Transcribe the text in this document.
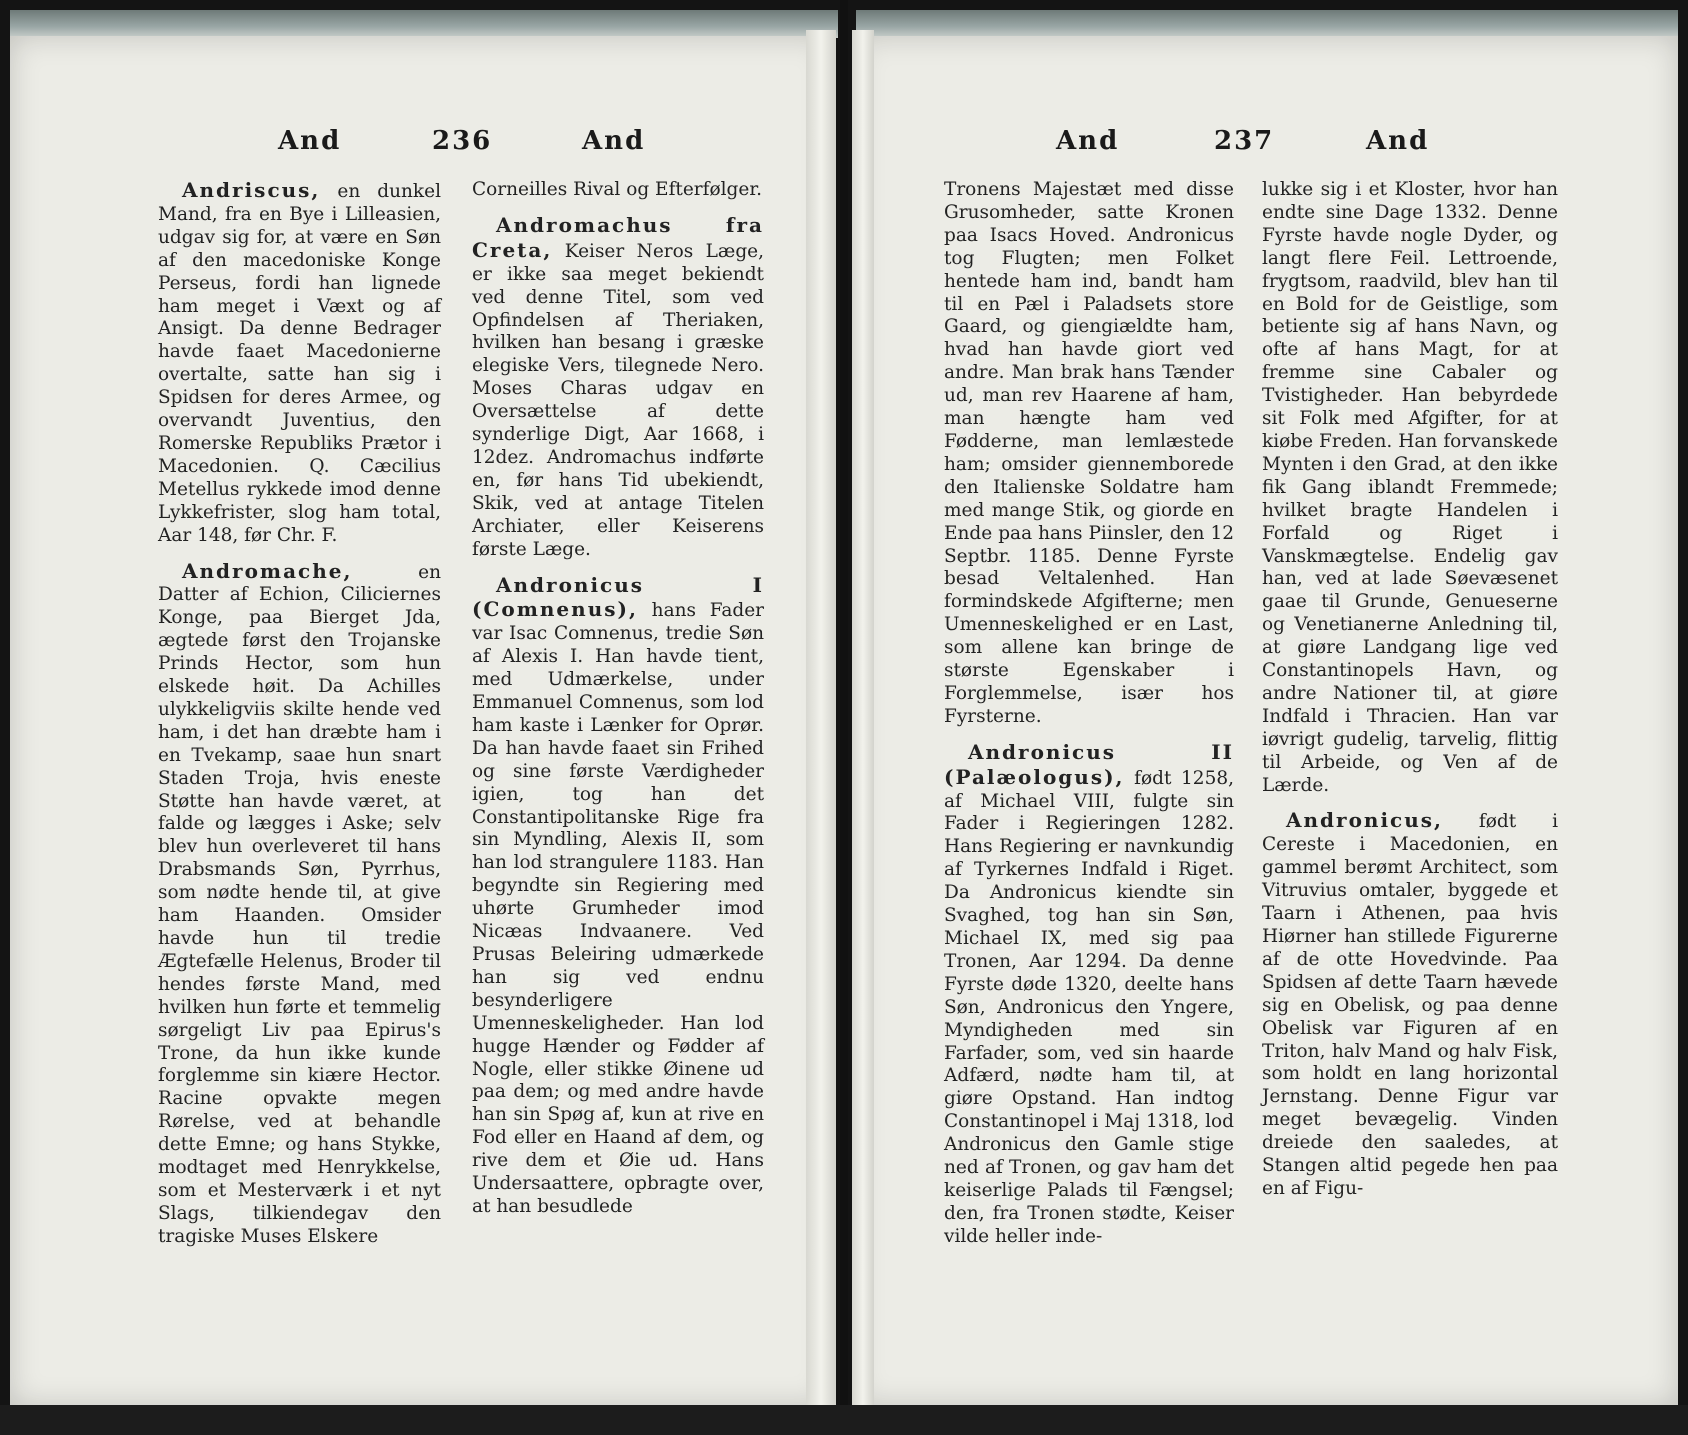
And	236	And

Andriscus, en dunkel Mand, fra en Bye i Lilleasien, udgav sig for, at være en Søn af den macedoniske Konge Perseus, fordi han lignede ham meget i Væxt og af Ansigt. Da denne Bedrager havde faaet Macedonierne overtalte, satte han sig i Spidsen for deres Armee, og overvandt Juventius, den Romerske Republiks Prætor i Macedonien. Q. Cæcilius Metellus rykkede imod denne Lykkefrister, slog ham total, Aar 148, før Chr. F.

Andromache, en Datter af Echion, Ciliciernes Konge, paa Bierget Jda, ægtede først den Trojanske Prinds Hector, som hun elskede høit. Da Achilles ulykkeligviis skilte hende ved ham, i det han dræbte ham i en Tvekamp, saae hun snart Staden Troja, hvis eneste Støtte han havde været, at falde og lægges i Aske; selv blev hun overleveret til hans Drabsmands Søn, Pyrrhus, som nødte hende til, at give ham Haanden. Omsider havde hun til tredie Ægtefælle Helenus, Broder til hendes første Mand, med hvilken hun førte et temmelig sørgeligt Liv paa Epirus's Trone, da hun ikke kunde forglemme sin kiære Hector. Racine opvakte megen Rørelse, ved at behandle dette Emne; og hans Stykke, modtaget med Henrykkelse, som et Mesterværk i et nyt Slags, tilkiendegav den tragiske Muses Elskere

Corneilles Rival og Efterfølger.

Andromachus fra Creta, Keiser Neros Læge, er ikke saa meget bekiendt ved denne Titel, som ved Opfindelsen af Theriaken, hvilken han besang i græske elegiske Vers, tilegnede Nero. Moses Charas udgav en Oversættelse af dette synderlige Digt, Aar 1668, i 12dez. Andromachus indførte en, før hans Tid ubekiendt, Skik, ved at antage Titelen Archiater, eller Keiserens første Læge.

Andronicus I (Comnenus), hans Fader var Isac Comnenus, tredie Søn af Alexis I. Han havde tient, med Udmærkelse, under Emmanuel Comnenus, som lod ham kaste i Lænker for Oprør. Da han havde faaet sin Frihed og sine første Værdigheder igien, tog han det Constantipolitanske Rige fra sin Myndling, Alexis II, som han lod strangulere 1183. Han begyndte sin Regiering med uhørte Grumheder imod Nicæas Indvaanere. Ved Prusas Beleiring udmærkede han sig ved endnu besynderligere Umenneskeligheder. Han lod hugge Hænder og Fødder af Nogle, eller stikke Øinene ud paa dem; og med andre havde han sin Spøg af, kun at rive en Fod eller en Haand af dem, og rive dem et Øie ud. Hans Undersaattere, opbragte over, at han besudlede

And	237	And

Tronens Majestæt med disse Grusomheder, satte Kronen paa Isacs Hoved. Andronicus tog Flugten; men Folket hentede ham ind, bandt ham til en Pæl i Paladsets store Gaard, og giengiældte ham, hvad han havde giort ved andre. Man brak hans Tænder ud, man rev Haarene af ham, man hængte ham ved Fødderne, man lemlæstede ham; omsider giennemborede den Italienske Soldatre ham med mange Stik, og giorde en Ende paa hans Piinsler, den 12 Septbr. 1185. Denne Fyrste besad Veltalenhed. Han formindskede Afgifterne; men Umenneskelighed er en Last, som allene kan bringe de største Egenskaber i Forglemmelse, især hos Fyrsterne.

Andronicus II (Palæologus), født 1258, af Michael VIII, fulgte sin Fader i Regieringen 1282. Hans Regiering er navnkundig af Tyrkernes Indfald i Riget. Da Andronicus kiendte sin Svaghed, tog han sin Søn, Michael IX, med sig paa Tronen, Aar 1294. Da denne Fyrste døde 1320, deelte hans Søn, Andronicus den Yngere, Myndigheden med sin Farfader, som, ved sin haarde Adfærd, nødte ham til, at giøre Opstand. Han indtog Constantinopel i Maj 1318, lod Andronicus den Gamle stige ned af Tronen, og gav ham det keiserlige Palads til Fængsel; den, fra Tronen stødte, Keiser vilde heller inde-

lukke sig i et Kloster, hvor han endte sine Dage 1332. Denne Fyrste havde nogle Dyder, og langt flere Feil. Lettroende, frygtsom, raadvild, blev han til en Bold for de Geistlige, som betiente sig af hans Navn, og ofte af hans Magt, for at fremme sine Cabaler og Tvistigheder. Han bebyrdede sit Folk med Afgifter, for at kiøbe Freden. Han forvanskede Mynten i den Grad, at den ikke fik Gang iblandt Fremmede; hvilket bragte Handelen i Forfald og Riget i Vanskmægtelse. Endelig gav han, ved at lade Søevæsenet gaae til Grunde, Genueserne og Venetianerne Anledning til, at giøre Landgang lige ved Constantinopels Havn, og andre Nationer til, at giøre Indfald i Thracien. Han var iøvrigt gudelig, tarvelig, flittig til Arbeide, og Ven af de Lærde.

Andronicus, født i Cereste i Macedonien, en gammel berømt Architect, som Vitruvius omtaler, byggede et Taarn i Athenen, paa hvis Hiørner han stillede Figurerne af de otte Hovedvinde. Paa Spidsen af dette Taarn hævede sig en Obelisk, og paa denne Obelisk var Figuren af en Triton, halv Mand og halv Fisk, som holdt en lang horizontal Jernstang. Denne Figur var meget bevægelig. Vinden dreiede den saaledes, at Stangen altid pegede hen paa en af Figu-
